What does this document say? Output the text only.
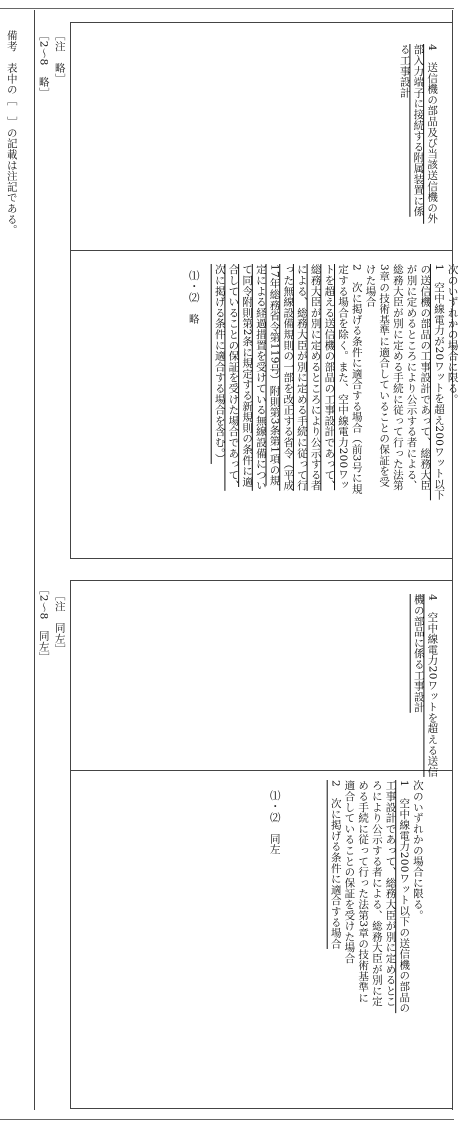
備考　表中の［　］の記載は注記である。 ［2～8　略］ ［注　略］	4　送信機の部品及び当該送信機の外
部入力端子に接続する附属装置に係
る工事設計
次のいずれかの場合に限る。
1　空中線電力が20ワットを超え200ワット以下
の送信機の部品の工事設計であって、総務大臣
が別に定めるところにより公示する者による、
総務大臣が別に定める手続に従って行った法第
3章の技術基準に適合していることの保証を受
けた場合
2　次に掲げる条件に適合する場合（前3号に規
定する場合を除く。また、空中線電力200ワッ
トを超える送信機の部品の工事設計であって、
総務大臣が別に定めるところにより公示する者
による、総務大臣が別に定める手続に従って行
った無線設備規則の一部を改正する省令（平成
17年総務省令第119号）附則第3条第1項の規
定による経過措置を受けている無線設備につい
て同令附則第2条に規定する新規則の条件に適
合していることの保証を受けた場合であって、
次に掲げる条件に適合する場合を含む。）
⑴・⑵　略
［注　同左］
［2～8　同左］	4　空中線電力20ワットを超える送信
機の部品に係る工事設計
次のいずれかの場合に限る。
1　空中線電力200ワット以下の送信機の部品の
工事設計であって、総務大臣が別に定めるとこ
ろにより公示する者による、総務大臣が別に定
める手続に従って行った法第3章の技術基準に
適合していることの保証を受けた場合
2　次に掲げる条件に適合する場合
⑴・⑵　同左
